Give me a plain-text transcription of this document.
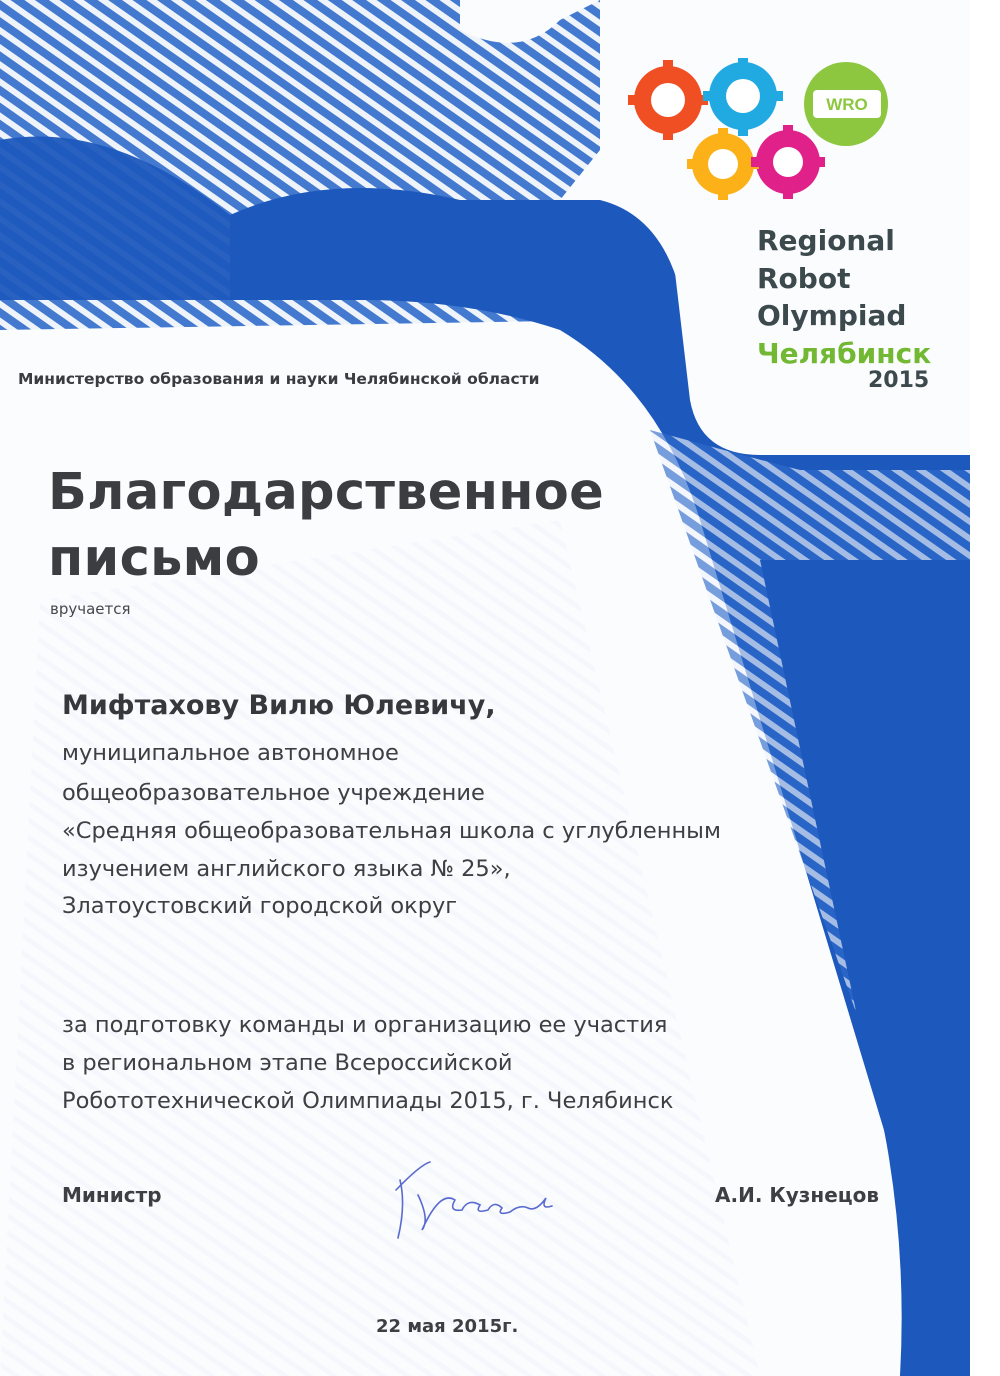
WRO
Regional
Robot
Olympiad
Челябинск
2015
Министерство образования и науки Челябинской области
Благодарственное
письмо
вручается
Мифтахову Вилю Юлевичу,
муниципальное автономное
общеобразовательное учреждение
«Средняя общеобразовательная школа с углубленным
изучением английского языка № 25»,
Златоустовский городской округ
за подготовку команды и организацию ее участия
в региональном этапе Всероссийской
Робототехнической Олимпиады 2015, г. Челябинск
Министр	А.И. Кузнецов
22 мая 2015г.
